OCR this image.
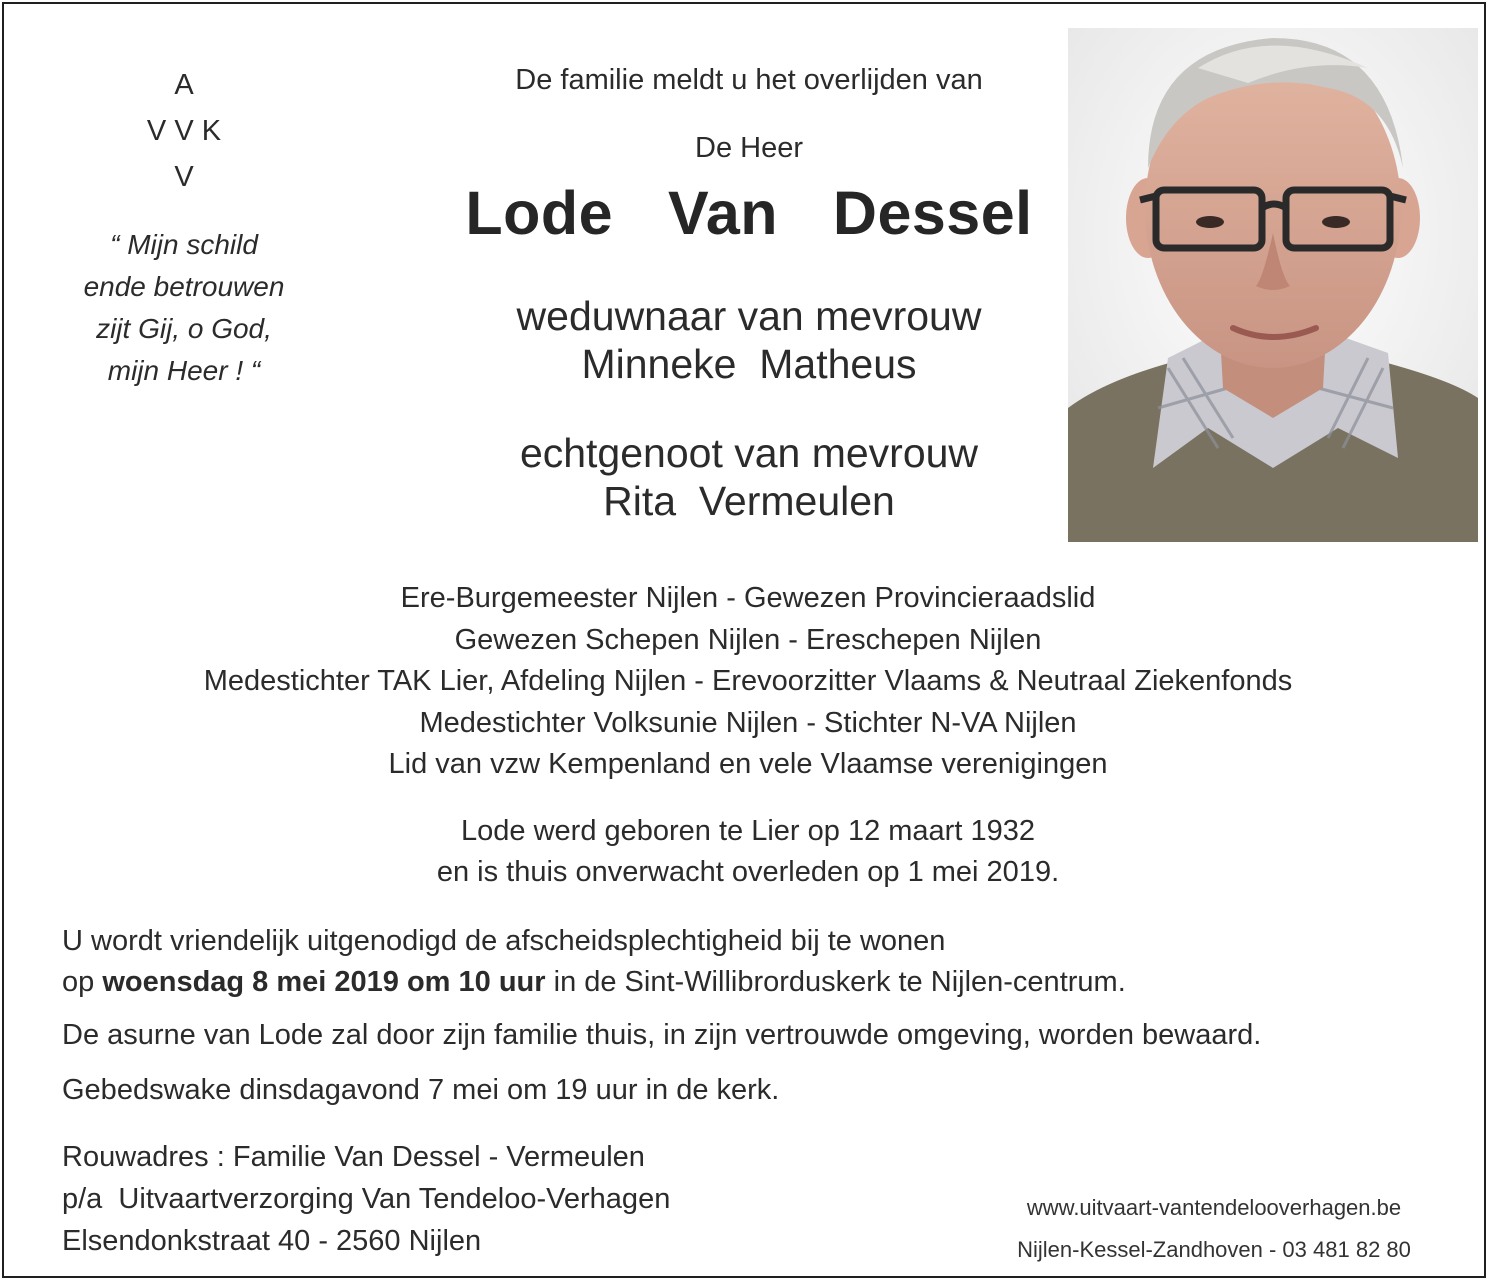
A
V V K
V
“ Mijn schild
ende betrouwen
zijt Gij, o God,
mijn Heer ! “
De familie meldt u het overlijden van
De Heer
Lode  Van  Dessel
weduwnaar van mevrouw
Minneke  Matheus
echtgenoot van mevrouw
Rita  Vermeulen
Ere-Burgemeester Nijlen - Gewezen Provincieraadslid
Gewezen Schepen Nijlen - Ereschepen Nijlen
Medestichter TAK Lier, Afdeling Nijlen - Erevoorzitter Vlaams & Neutraal Ziekenfonds
Medestichter Volksunie Nijlen - Stichter N-VA Nijlen
Lid van vzw Kempenland en vele Vlaamse verenigingen
Lode werd geboren te Lier op 12 maart 1932
en is thuis onverwacht overleden op 1 mei 2019.
U wordt vriendelijk uitgenodigd de afscheidsplechtigheid bij te wonen
op woensdag 8 mei 2019 om 10 uur in de Sint-Willibrorduskerk te Nijlen-centrum.
De asurne van Lode zal door zijn familie thuis, in zijn vertrouwde omgeving, worden bewaard.
Gebedswake dinsdagavond 7 mei om 19 uur in de kerk.
Rouwadres : Familie Van Dessel - Vermeulen
p/a  Uitvaartverzorging Van Tendeloo-Verhagen
Elsendonkstraat 40 - 2560 Nijlen
www.uitvaart-vantendelooverhagen.be
Nijlen-Kessel-Zandhoven - 03 481 82 80
